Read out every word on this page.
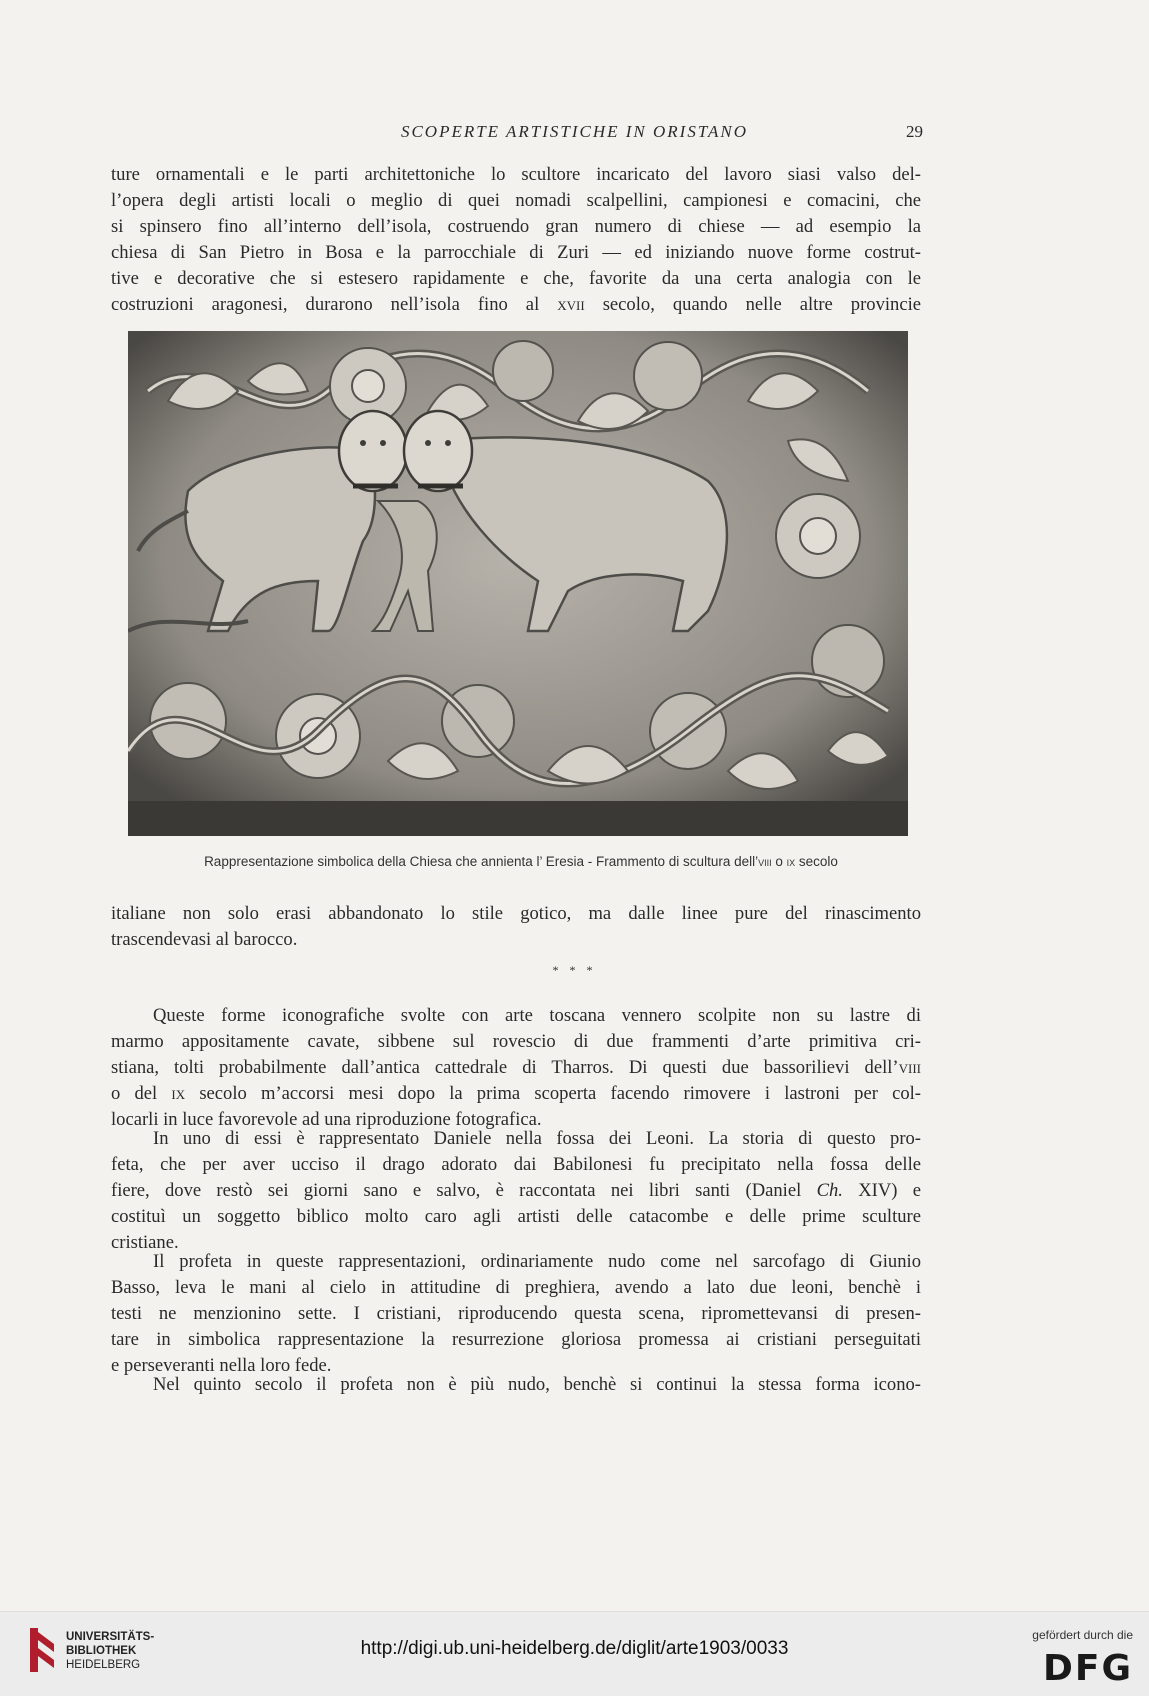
SCOPERTE ARTISTICHE IN ORISTANO	29
ture ornamentali e le parti architettoniche lo scultore incaricato del lavoro siasi valso del-
l’opera degli artisti locali o meglio di quei nomadi scalpellini, campionesi e comacini, che
si spinsero fino all’interno dell’isola, costruendo gran numero di chiese — ad esempio la
chiesa di San Pietro in Bosa e la parrocchiale di Zuri — ed iniziando nuove forme costrut-
tive e decorative che si estesero rapidamente e che, favorite da una certa analogia con le
costruzioni aragonesi, durarono nell’isola fino al xvii secolo, quando nelle altre provincie
Rappresentazione simbolica della Chiesa che annienta l’ Eresia - Frammento di scultura dell’viii o ix secolo
italiane non solo erasi abbandonato lo stile gotico, ma dalle linee pure del rinascimento
trascendevasi al barocco.
* * *
Queste forme iconografiche svolte con arte toscana vennero scolpite non su lastre di
marmo appositamente cavate, sibbene sul rovescio di due frammenti d’arte primitiva cri-
stiana, tolti probabilmente dall’antica cattedrale di Tharros. Di questi due bassorilievi dell’viii
o del ix secolo m’accorsi mesi dopo la prima scoperta facendo rimovere i lastroni per col-
locarli in luce favorevole ad una riproduzione fotografica.
In uno di essi è rappresentato Daniele nella fossa dei Leoni. La storia di questo pro-
feta, che per aver ucciso il drago adorato dai Babilonesi fu precipitato nella fossa delle
fiere, dove restò sei giorni sano e salvo, è raccontata nei libri santi (Daniel Ch. XIV) e
costituì un soggetto biblico molto caro agli artisti delle catacombe e delle prime sculture
cristiane.
Il profeta in queste rappresentazioni, ordinariamente nudo come nel sarcofago di Giunio
Basso, leva le mani al cielo in attitudine di preghiera, avendo a lato due leoni, benchè i
testi ne menzionino sette. I cristiani, riproducendo questa scena, ripromettevansi di presen-
tare in simbolica rappresentazione la resurrezione gloriosa promessa ai cristiani perseguitati
e perseveranti nella loro fede.
Nel quinto secolo il profeta non è più nudo, benchè si continui la stessa forma icono-
UNIVERSITÄTS-
BIBLIOTHEK
HEIDELBERG
http://digi.ub.uni-heidelberg.de/diglit/arte1903/0033
gefördert durch die
DFG
